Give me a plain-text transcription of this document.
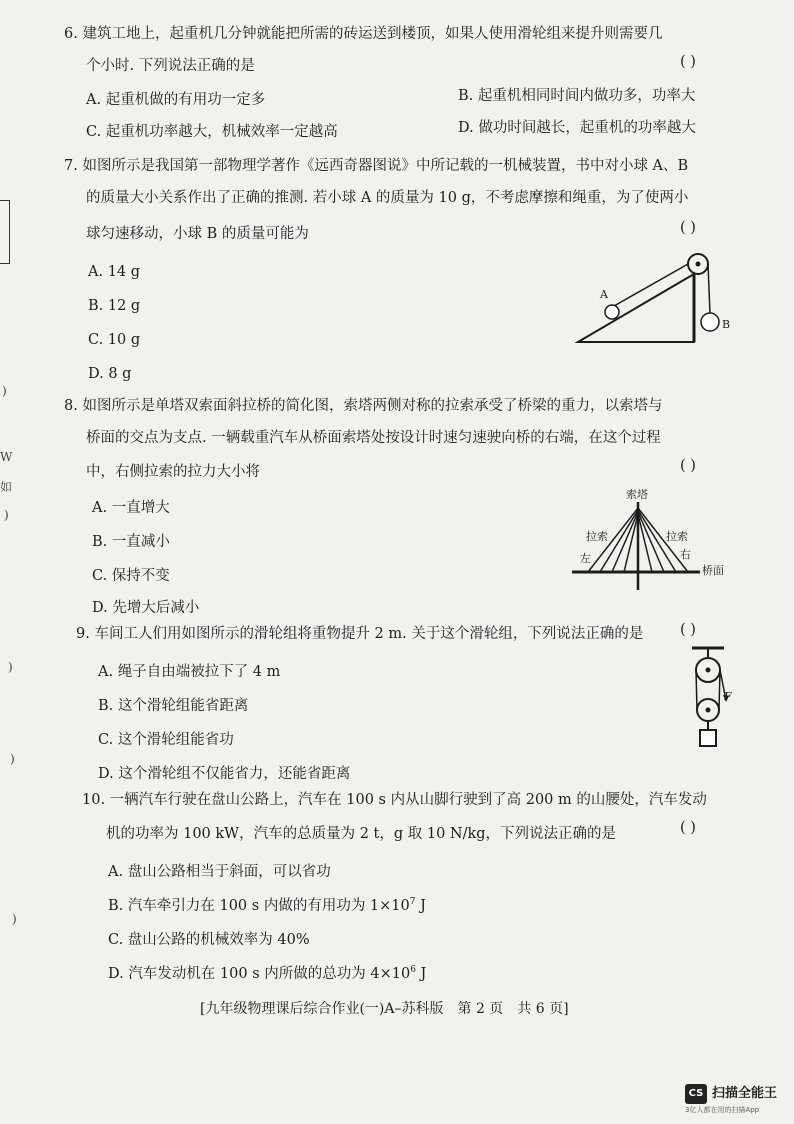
)
W
如
)
)
)
)
6. 建筑工地上，起重机几分钟就能把所需的砖运送到楼顶，如果人使用滑轮组来提升则需要几
个小时. 下列说法正确的是	( )
A. 起重机做的有用功一定多	B. 起重机相同时间内做功多，功率大
C. 起重机功率越大，机械效率一定越高	D. 做功时间越长，起重机的功率越大
7. 如图所示是我国第一部物理学著作《远西奇器图说》中所记载的一机械装置，书中对小球 A、B
的质量大小关系作出了正确的推测. 若小球 A 的质量为 10 g，不考虑摩擦和绳重，为了使两小
球匀速移动，小球 B 的质量可能为	( )
A. 14 g
B. 12 g
C. 10 g
D. 8 g
A
B
8. 如图所示是单塔双索面斜拉桥的简化图，索塔两侧对称的拉索承受了桥梁的重力，以索塔与
桥面的交点为支点. 一辆载重汽车从桥面索塔处按设计时速匀速驶向桥的右端，在这个过程
中，右侧拉索的拉力大小将	( )
A. 一直增大
B. 一直减小
C. 保持不变
D. 先增大后减小
索塔
拉索
左
拉索
右
桥面
9. 车间工人们用如图所示的滑轮组将重物提升 2 m. 关于这个滑轮组，下列说法正确的是	( )
A. 绳子自由端被拉下了 4 m
B. 这个滑轮组能省距离
C. 这个滑轮组能省功
D. 这个滑轮组不仅能省力，还能省距离
F
10. 一辆汽车行驶在盘山公路上，汽车在 100 s 内从山脚行驶到了高 200 m 的山腰处，汽车发动
机的功率为 100 kW，汽车的总质量为 2 t，g 取 10 N/kg，下列说法正确的是	( )
A. 盘山公路相当于斜面，可以省功
B. 汽车牵引力在 100 s 内做的有用功为 $1\times 10^7$ J
C. 盘山公路的机械效率为 40%
D. 汽车发动机在 100 s 内所做的总功为 $4\times 10^6$ J
[九年级物理课后综合作业(一)A–苏科版　第 2 页　共 6 页]
CS 扫描全能王
3亿人都在用的扫描App
